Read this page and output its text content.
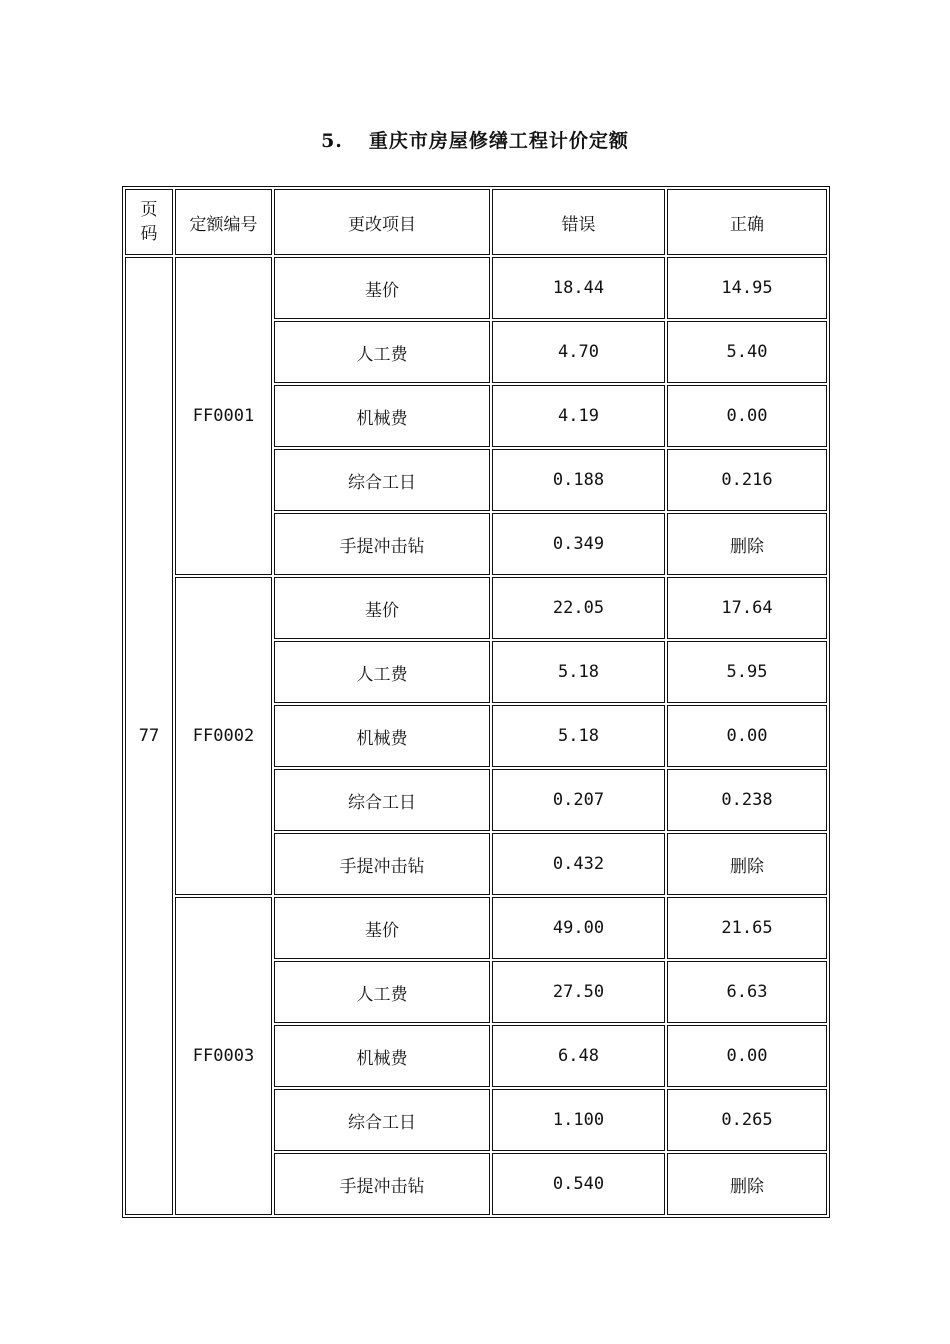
5. 重庆市房屋修缮工程计价定额
页
码	定额编号	更改项目	错误	正确
77	FF0001	基价	18.44	14.95
		人工费	4.70	5.40
		机械费	4.19	0.00
		综合工日	0.188	0.216
		手提冲击钻	0.349	删除
	FF0002	基价	22.05	17.64
		人工费	5.18	5.95
		机械费	5.18	0.00
		综合工日	0.207	0.238
		手提冲击钻	0.432	删除
	FF0003	基价	49.00	21.65
		人工费	27.50	6.63
		机械费	6.48	0.00
		综合工日	1.100	0.265
		手提冲击钻	0.540	删除
